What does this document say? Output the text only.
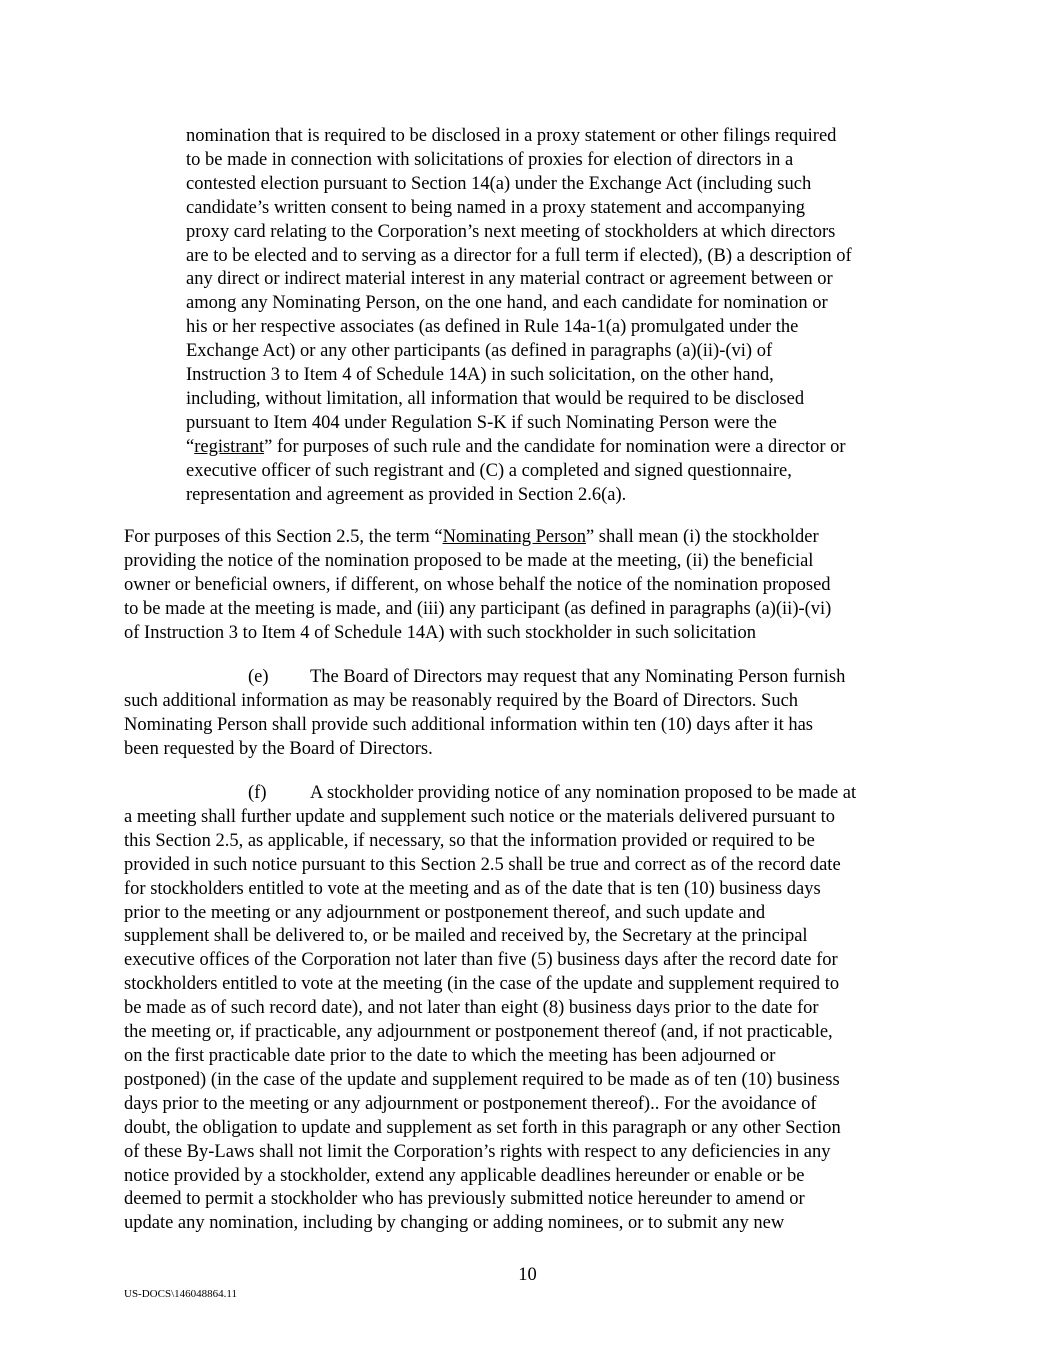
nomination that is required to be disclosed in a proxy statement or other filings required
to be made in connection with solicitations of proxies for election of directors in a
contested election pursuant to Section 14(a) under the Exchange Act (including such
candidate’s written consent to being named in a proxy statement and accompanying
proxy card relating to the Corporation’s next meeting of stockholders at which directors
are to be elected and to serving as a director for a full term if elected), (B) a description of
any direct or indirect material interest in any material contract or agreement between or
among any Nominating Person, on the one hand, and each candidate for nomination or
his or her respective associates (as defined in Rule 14a-1(a) promulgated under the
Exchange Act) or any other participants (as defined in paragraphs (a)(ii)-(vi) of
Instruction 3 to Item 4 of Schedule 14A) in such solicitation, on the other hand,
including, without limitation, all information that would be required to be disclosed
pursuant to Item 404 under Regulation S-K if such Nominating Person were the
“registrant” for purposes of such rule and the candidate for nomination were a director or
executive officer of such registrant and (C) a completed and signed questionnaire,
representation and agreement as provided in Section 2.6(a).
For purposes of this Section 2.5, the term “Nominating Person” shall mean (i) the stockholder
providing the notice of the nomination proposed to be made at the meeting, (ii) the beneficial
owner or beneficial owners, if different, on whose behalf the notice of the nomination proposed
to be made at the meeting is made, and (iii) any participant (as defined in paragraphs (a)(ii)-(vi)
of Instruction 3 to Item 4 of Schedule 14A) with such stockholder in such solicitation
(e) The Board of Directors may request that any Nominating Person furnish
such additional information as may be reasonably required by the Board of Directors. Such
Nominating Person shall provide such additional information within ten (10) days after it has
been requested by the Board of Directors.
(f) A stockholder providing notice of any nomination proposed to be made at
a meeting shall further update and supplement such notice or the materials delivered pursuant to
this Section 2.5, as applicable, if necessary, so that the information provided or required to be
provided in such notice pursuant to this Section 2.5 shall be true and correct as of the record date
for stockholders entitled to vote at the meeting and as of the date that is ten (10) business days
prior to the meeting or any adjournment or postponement thereof, and such update and
supplement shall be delivered to, or be mailed and received by, the Secretary at the principal
executive offices of the Corporation not later than five (5) business days after the record date for
stockholders entitled to vote at the meeting (in the case of the update and supplement required to
be made as of such record date), and not later than eight (8) business days prior to the date for
the meeting or, if practicable, any adjournment or postponement thereof (and, if not practicable,
on the first practicable date prior to the date to which the meeting has been adjourned or
postponed) (in the case of the update and supplement required to be made as of ten (10) business
days prior to the meeting or any adjournment or postponement thereof).. For the avoidance of
doubt, the obligation to update and supplement as set forth in this paragraph or any other Section
of these By-Laws shall not limit the Corporation’s rights with respect to any deficiencies in any
notice provided by a stockholder, extend any applicable deadlines hereunder or enable or be
deemed to permit a stockholder who has previously submitted notice hereunder to amend or
update any nomination, including by changing or adding nominees, or to submit any new
10
US-DOCS\146048864.11
